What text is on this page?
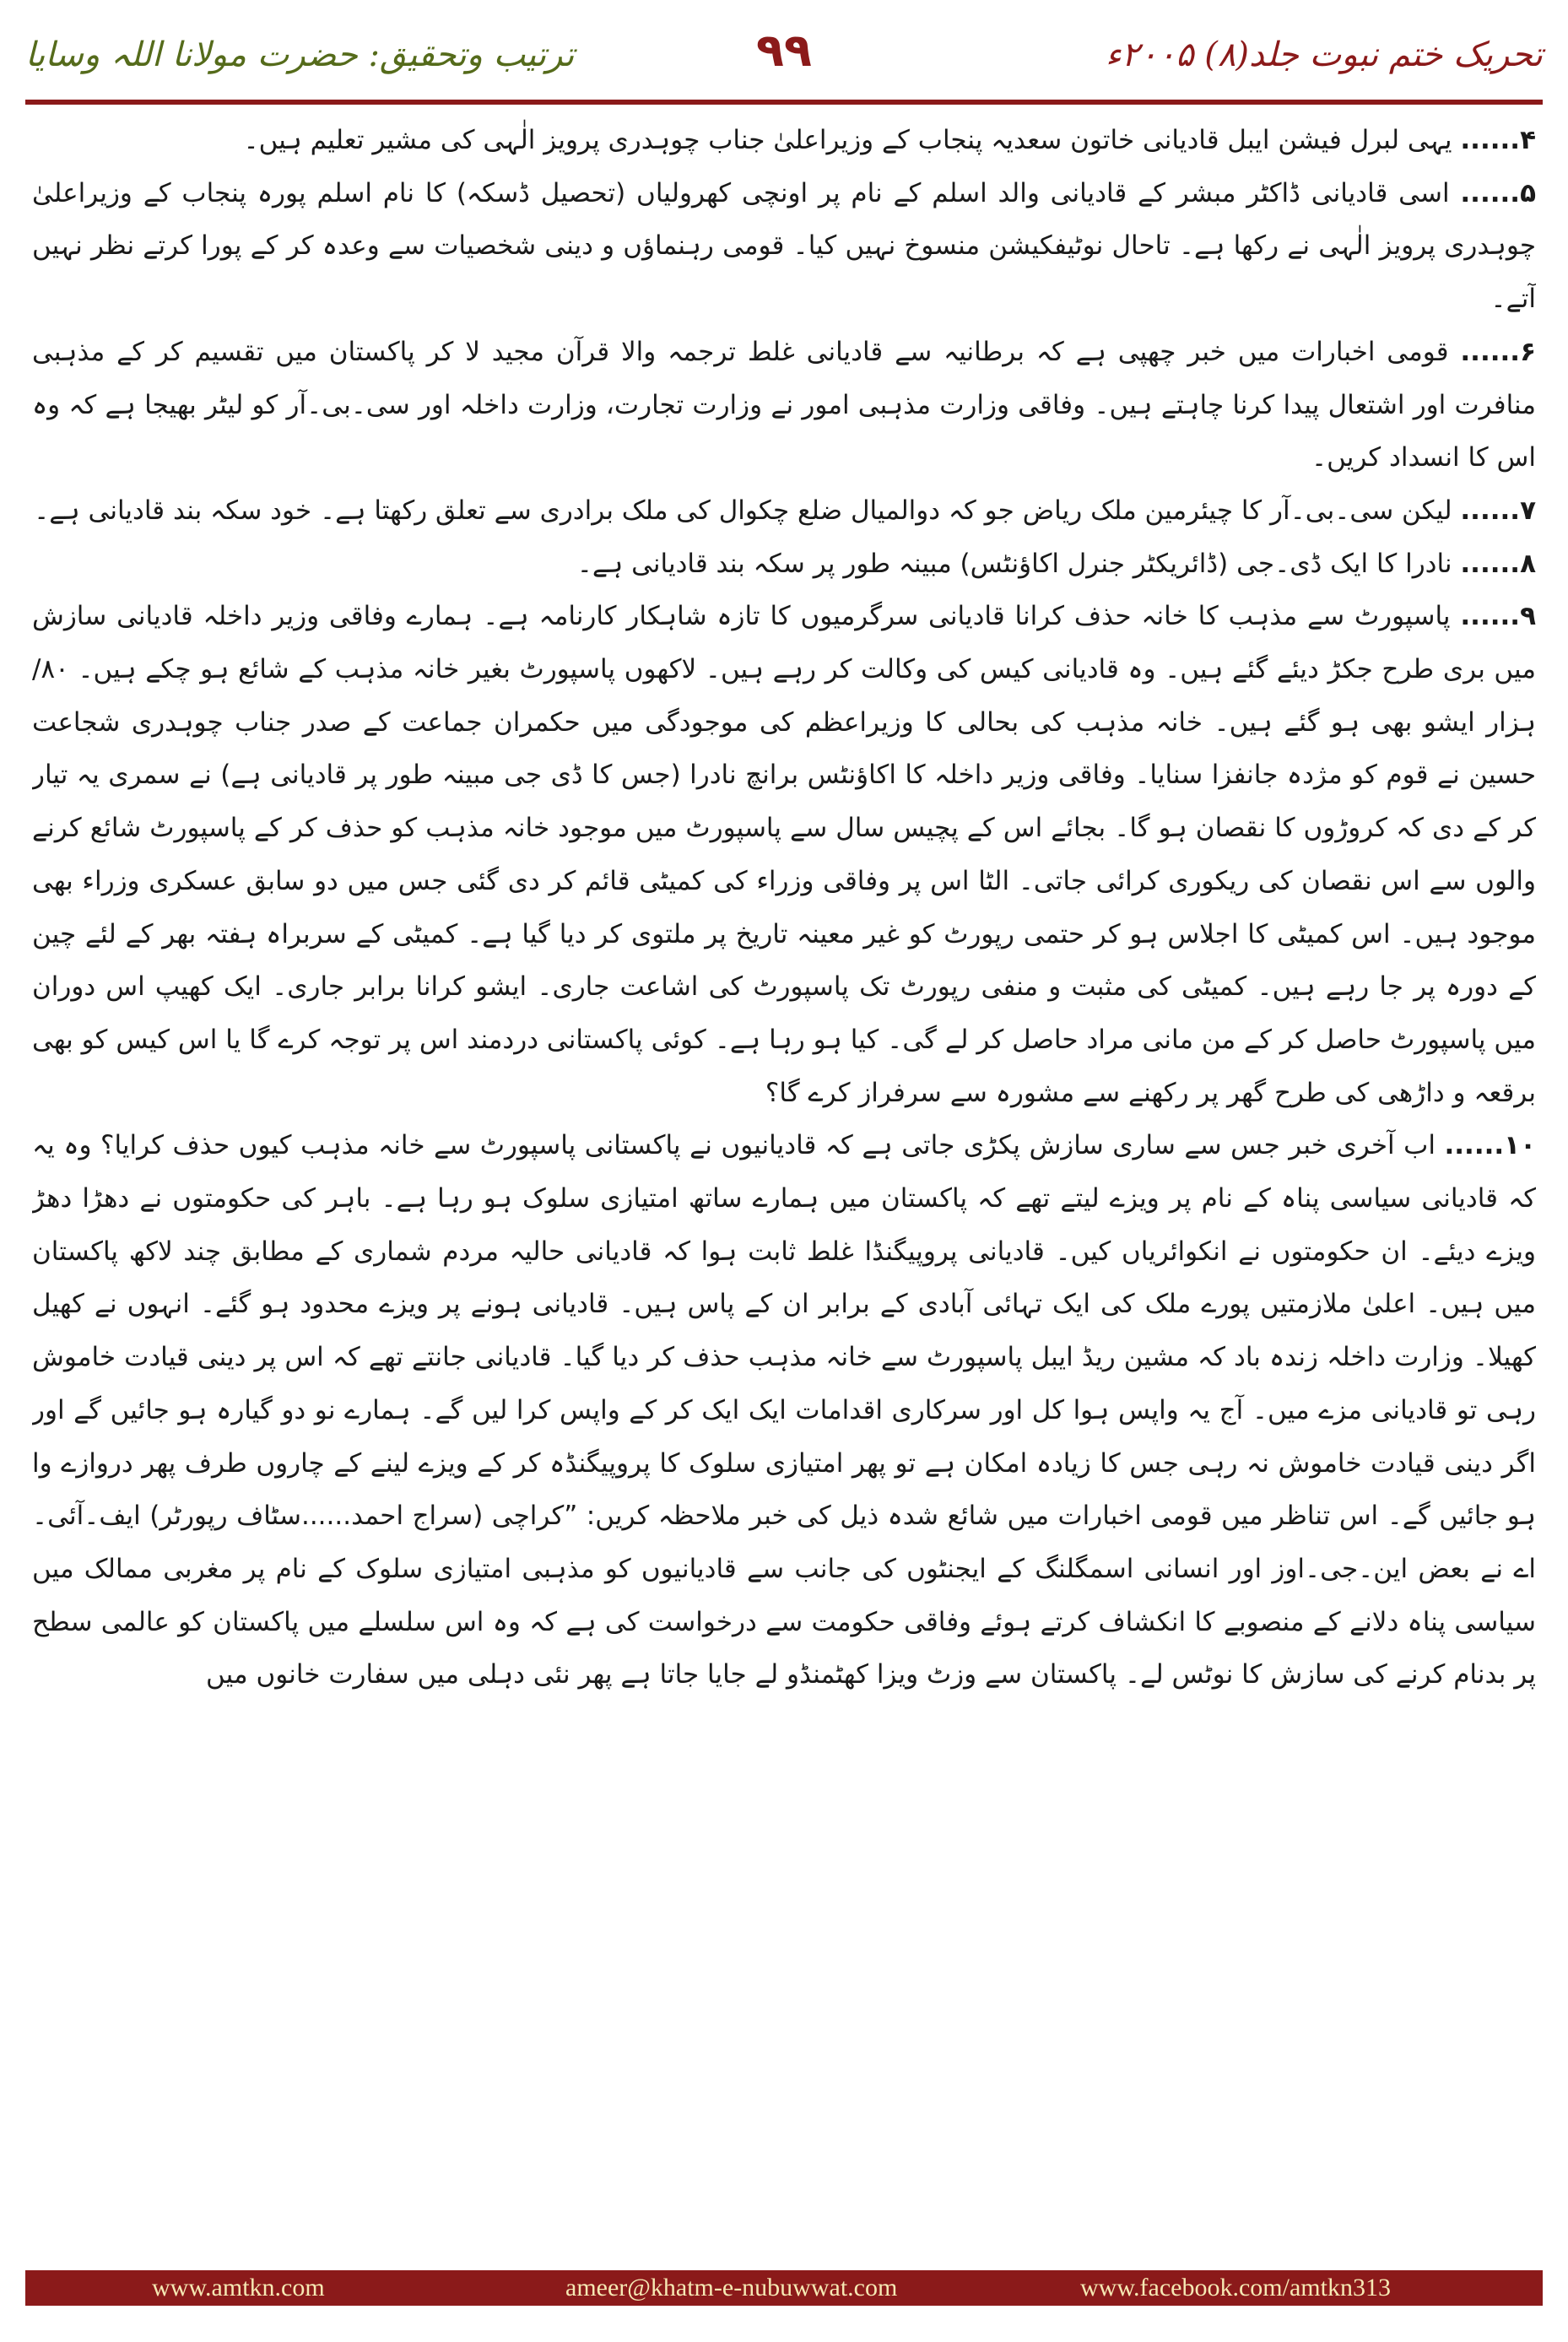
ترتیب وتحقیق: حضرت مولانا اللہ وسایا	۹۹	تحریک ختم نبوت جلد(۸) ۲۰۰۵ء

۴...... یہی لبرل فیشن ایبل قادیانی خاتون سعدیہ پنجاب کے وزیراعلیٰ جناب چوہدری پرویز الٰہی کی مشیر تعلیم ہیں۔

۵...... اسی قادیانی ڈاکٹر مبشر کے قادیانی والد اسلم کے نام پر اونچی کھرولیاں (تحصیل ڈسکہ) کا نام اسلم پورہ پنجاب کے وزیراعلیٰ چوہدری پرویز الٰہی نے رکھا ہے۔ تاحال نوٹیفکیشن منسوخ نہیں کیا۔ قومی رہنماؤں و دینی شخصیات سے وعدہ کر کے پورا کرتے نظر نہیں آتے۔

۶...... قومی اخبارات میں خبر چھپی ہے کہ برطانیہ سے قادیانی غلط ترجمہ والا قرآن مجید لا کر پاکستان میں تقسیم کر کے مذہبی منافرت اور اشتعال پیدا کرنا چاہتے ہیں۔ وفاقی وزارت مذہبی امور نے وزارت تجارت، وزارت داخلہ اور سی۔بی۔آر کو لیٹر بھیجا ہے کہ وہ اس کا انسداد کریں۔

۷...... لیکن سی۔بی۔آر کا چیئرمین ملک ریاض جو کہ دوالمیال ضلع چکوال کی ملک برادری سے تعلق رکھتا ہے۔ خود سکہ بند قادیانی ہے۔

۸...... نادرا کا ایک ڈی۔جی (ڈائریکٹر جنرل اکاؤنٹس) مبینہ طور پر سکہ بند قادیانی ہے۔

۹...... پاسپورٹ سے مذہب کا خانہ حذف کرانا قادیانی سرگرمیوں کا تازہ شاہکار کارنامہ ہے۔ ہمارے وفاقی وزیر داخلہ قادیانی سازش میں بری طرح جکڑ دیئے گئے ہیں۔ وہ قادیانی کیس کی وکالت کر رہے ہیں۔ لاکھوں پاسپورٹ بغیر خانہ مذہب کے شائع ہو چکے ہیں۔ ۸۰/ ہزار ایشو بھی ہو گئے ہیں۔ خانہ مذہب کی بحالی کا وزیراعظم کی موجودگی میں حکمران جماعت کے صدر جناب چوہدری شجاعت حسین نے قوم کو مژدہ جانفزا سنایا۔ وفاقی وزیر داخلہ کا اکاؤنٹس برانچ نادرا (جس کا ڈی جی مبینہ طور پر قادیانی ہے) نے سمری یہ تیار کر کے دی کہ کروڑوں کا نقصان ہو گا۔ بجائے اس کے پچیس سال سے پاسپورٹ میں موجود خانہ مذہب کو حذف کر کے پاسپورٹ شائع کرنے والوں سے اس نقصان کی ریکوری کرائی جاتی۔ الٹا اس پر وفاقی وزراء کی کمیٹی قائم کر دی گئی جس میں دو سابق عسکری وزراء بھی موجود ہیں۔ اس کمیٹی کا اجلاس ہو کر حتمی رپورٹ کو غیر معینہ تاریخ پر ملتوی کر دیا گیا ہے۔ کمیٹی کے سربراہ ہفتہ بھر کے لئے چین کے دورہ پر جا رہے ہیں۔ کمیٹی کی مثبت و منفی رپورٹ تک پاسپورٹ کی اشاعت جاری۔ ایشو کرانا برابر جاری۔ ایک کھیپ اس دوران میں پاسپورٹ حاصل کر کے من مانی مراد حاصل کر لے گی۔ کیا ہو رہا ہے۔ کوئی پاکستانی دردمند اس پر توجہ کرے گا یا اس کیس کو بھی برقعہ و داڑھی کی طرح گھر پر رکھنے سے مشورہ سے سرفراز کرے گا؟

۱۰...... اب آخری خبر جس سے ساری سازش پکڑی جاتی ہے کہ قادیانیوں نے پاکستانی پاسپورٹ سے خانہ مذہب کیوں حذف کرایا؟ وہ یہ کہ قادیانی سیاسی پناہ کے نام پر ویزے لیتے تھے کہ پاکستان میں ہمارے ساتھ امتیازی سلوک ہو رہا ہے۔ باہر کی حکومتوں نے دھڑا دھڑ ویزے دیئے۔ ان حکومتوں نے انکوائریاں کیں۔ قادیانی پروپیگنڈا غلط ثابت ہوا کہ قادیانی حالیہ مردم شماری کے مطابق چند لاکھ پاکستان میں ہیں۔ اعلیٰ ملازمتیں پورے ملک کی ایک تہائی آبادی کے برابر ان کے پاس ہیں۔ قادیانی ہونے پر ویزے محدود ہو گئے۔ انہوں نے کھیل کھیلا۔ وزارت داخلہ زندہ باد کہ مشین ریڈ ایبل پاسپورٹ سے خانہ مذہب حذف کر دیا گیا۔ قادیانی جانتے تھے کہ اس پر دینی قیادت خاموش رہی تو قادیانی مزے میں۔ آج یہ واپس ہوا کل اور سرکاری اقدامات ایک ایک کر کے واپس کرا لیں گے۔ ہمارے نو دو گیارہ ہو جائیں گے اور اگر دینی قیادت خاموش نہ رہی جس کا زیادہ امکان ہے تو پھر امتیازی سلوک کا پروپیگنڈہ کر کے ویزے لینے کے چاروں طرف پھر دروازے وا ہو جائیں گے۔ اس تناظر میں قومی اخبارات میں شائع شدہ ذیل کی خبر ملاحظہ کریں: ”کراچی (سراج احمد......سٹاف رپورٹر) ایف۔آئی۔اے نے بعض این۔جی۔اوز اور انسانی اسمگلنگ کے ایجنٹوں کی جانب سے قادیانیوں کو مذہبی امتیازی سلوک کے نام پر مغربی ممالک میں سیاسی پناہ دلانے کے منصوبے کا انکشاف کرتے ہوئے وفاقی حکومت سے درخواست کی ہے کہ وہ اس سلسلے میں پاکستان کو عالمی سطح پر بدنام کرنے کی سازش کا نوٹس لے۔ پاکستان سے وزٹ ویزا کھٹمنڈو لے جایا جاتا ہے پھر نئی دہلی میں سفارت خانوں میں

www.amtkn.com	ameer@khatm-e-nubuwwat.com	www.facebook.com/amtkn313
